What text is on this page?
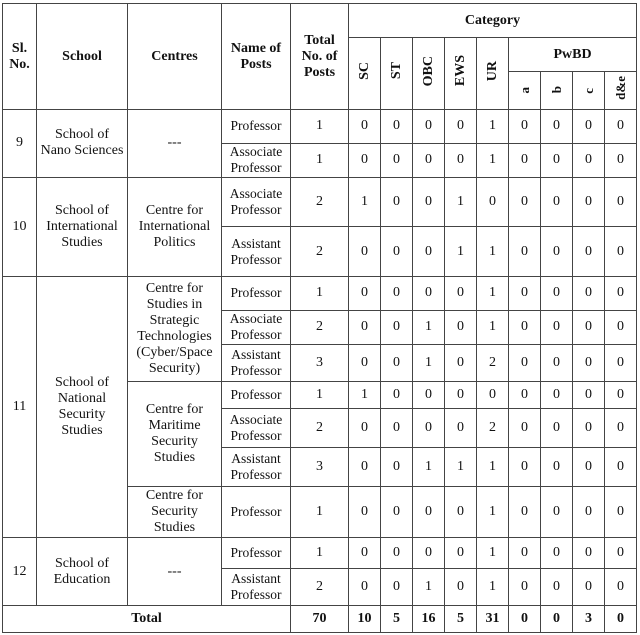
Sl. No.	School	Centres	Name of Posts	Total No. of Posts	Category								
					SC	ST	OBC	EWS	UR	PwBD			
										a	b	c	d&e
9	School of Nano Sciences	---	Professor	1	0	0	0	0	1	0	0	0	0
			Associate Professor	1	0	0	0	0	1	0	0	0	0
10	School of International Studies	Centre for International Politics	Associate Professor	2	1	0	0	1	0	0	0	0	0
			Assistant Professor	2	0	0	0	1	1	0	0	0	0
11	School of National Security Studies	Centre for Studies in Strategic Technologies (Cyber/Space Security)	Professor	1	0	0	0	0	1	0	0	0	0
			Associate Professor	2	0	0	1	0	1	0	0	0	0
			Assistant Professor	3	0	0	1	0	2	0	0	0	0
		Centre for Maritime Security Studies	Professor	1	1	0	0	0	0	0	0	0	0
			Associate Professor	2	0	0	0	0	2	0	0	0	0
			Assistant Professor	3	0	0	1	1	1	0	0	0	0
		Centre for Security Studies	Professor	1	0	0	0	0	1	0	0	0	0
12	School of Education	---	Professor	1	0	0	0	0	1	0	0	0	0
			Assistant Professor	2	0	0	1	0	1	0	0	0	0
Total				70	10	5	16	5	31	0	0	3	0
